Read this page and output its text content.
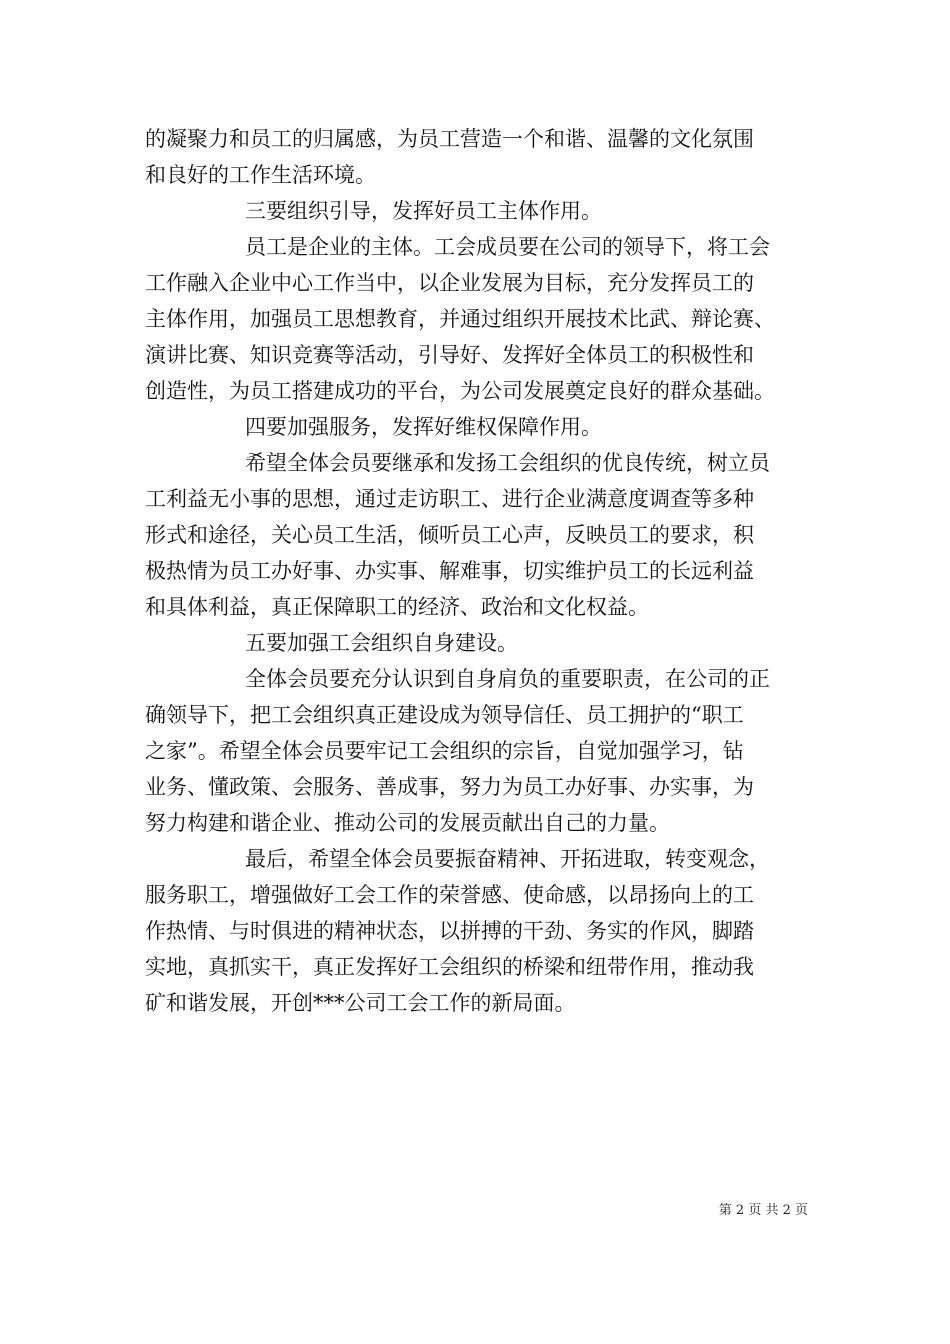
的凝聚力和员工的归属感，为员工营造一个和谐、温馨的文化氛围
和良好的工作生活环境。
三要组织引导，发挥好员工主体作用。
员工是企业的主体。工会成员要在公司的领导下，将工会
工作融入企业中心工作当中，以企业发展为目标，充分发挥员工的
主体作用，加强员工思想教育，并通过组织开展技术比武、辩论赛、
演讲比赛、知识竞赛等活动，引导好、发挥好全体员工的积极性和
创造性，为员工搭建成功的平台，为公司发展奠定良好的群众基础。
四要加强服务，发挥好维权保障作用。
希望全体会员要继承和发扬工会组织的优良传统，树立员
工利益无小事的思想，通过走访职工、进行企业满意度调查等多种
形式和途径，关心员工生活，倾听员工心声，反映员工的要求，积
极热情为员工办好事、办实事、解难事，切实维护员工的长远利益
和具体利益，真正保障职工的经济、政治和文化权益。
五要加强工会组织自身建设。
全体会员要充分认识到自身肩负的重要职责，在公司的正
确领导下，把工会组织真正建设成为领导信任、员工拥护的“职工
之家”。希望全体会员要牢记工会组织的宗旨，自觉加强学习，钻
业务、懂政策、会服务、善成事，努力为员工办好事、办实事，为
努力构建和谐企业、推动公司的发展贡献出自己的力量。
最后，希望全体会员要振奋精神、开拓进取，转变观念，
服务职工，增强做好工会工作的荣誉感、使命感，以昂扬向上的工
作热情、与时俱进的精神状态，以拼搏的干劲、务实的作风，脚踏
实地，真抓实干，真正发挥好工会组织的桥梁和纽带作用，推动我
矿和谐发展，开创***公司工会工作的新局面。
第 2 页 共 2 页
